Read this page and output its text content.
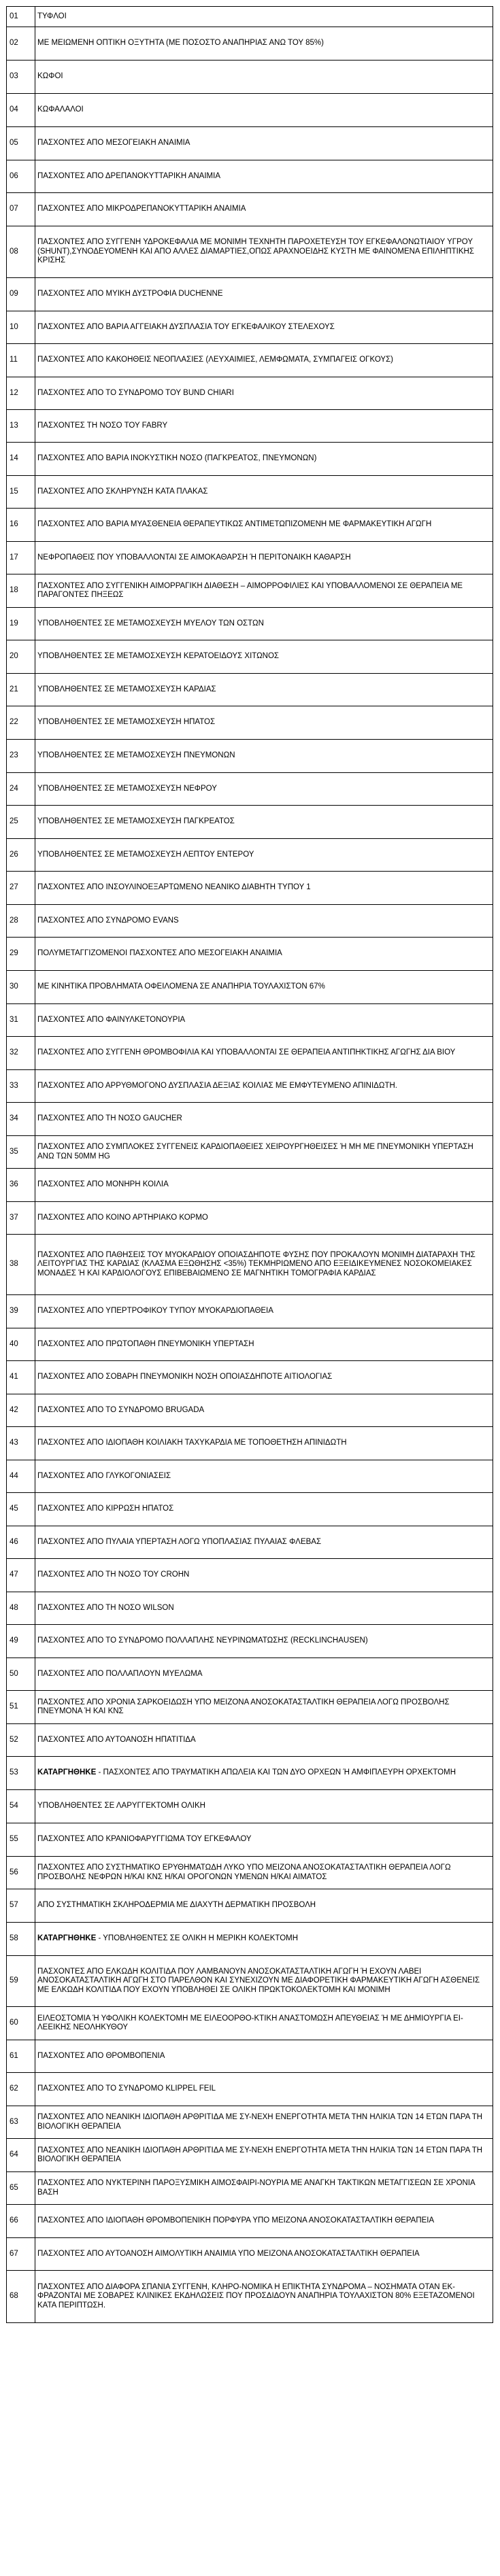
01	ΤΥΦΛΟΙ
02	ΜΕ ΜΕΙΩΜΕΝΗ ΟΠΤΙΚΗ ΟΞΥΤΗΤΑ (ΜΕ ΠΟΣΟΣΤΟ ΑΝΑΠΗΡΙΑΣ ΑΝΩ ΤΟΥ 85%)
03	ΚΩΦΟΙ
04	ΚΩΦΑΛΑΛΟΙ
05	ΠΑΣΧΟΝΤΕΣ ΑΠΟ ΜΕΣΟΓΕΙΑΚΗ ΑΝΑΙΜΙΑ
06	ΠΑΣΧΟΝΤΕΣ ΑΠΟ ΔΡΕΠΑΝΟΚΥΤΤΑΡΙΚΗ ΑΝΑΙΜΙΑ
07	ΠΑΣΧΟΝΤΕΣ ΑΠΟ ΜΙΚΡΟΔΡΕΠΑΝΟΚΥΤΤΑΡΙΚΗ ΑΝΑΙΜΙΑ
08	ΠΑΣΧΟΝΤΕΣ ΑΠΟ ΣΥΓΓΕΝΗ ΥΔΡΟΚΕΦΑΛΙΑ ΜΕ ΜΟΝΙΜΗ ΤΕΧΝΗΤΗ ΠΑΡΟΧΕΤΕΥΣΗ ΤΟΥ ΕΓΚΕΦΑΛΟΝΩΤΙΑΙΟΥ ΥΓΡΟΥ (SHUNT),ΣΥΝΟΔΕΥΟΜΕΝΗ ΚΑΙ ΑΠΟ ΑΛΛΕΣ ΔΙΑΜΑΡΤΙΕΣ,ΟΠΩΣ ΑΡΑΧΝΟΕΙΔΗΣ ΚΥΣΤΗ ΜΕ ΦΑΙΝΟΜΕΝΑ ΕΠΙΛΗΠΤΙΚΗΣ ΚΡΙΣΗΣ
09	ΠΑΣΧΟΝΤΕΣ ΑΠΟ ΜΥΙΚΗ ΔΥΣΤΡΟΦΙΑ DUCHENNE
10	ΠΑΣΧΟΝΤΕΣ ΑΠΟ ΒΑΡΙΑ ΑΓΓΕΙΑΚΗ ΔΥΣΠΛΑΣΙΑ ΤΟΥ ΕΓΚΕΦΑΛΙΚΟΥ ΣΤΕΛΕΧΟΥΣ
11	ΠΑΣΧΟΝΤΕΣ ΑΠΟ ΚΑΚΟΗΘΕΙΣ ΝΕΟΠΛΑΣΙΕΣ (ΛΕΥΧΑΙΜΙΕΣ, ΛΕΜΦΩΜΑΤΑ, ΣΥΜΠΑΓΕΙΣ ΟΓΚΟΥΣ)
12	ΠΑΣΧΟΝΤΕΣ ΑΠΟ ΤΟ ΣΥΝΔΡΟΜΟ ΤΟΥ BUND CHIARI
13	ΠΑΣΧΟΝΤΕΣ ΤΗ ΝΟΣΟ ΤΟΥ FABRY
14	ΠΑΣΧΟΝΤΕΣ ΑΠΟ ΒΑΡΙΑ ΙΝΟΚΥΣΤΙΚΗ ΝΟΣΟ (ΠΑΓΚΡΕΑΤΟΣ, ΠΝΕΥΜΟΝΩΝ)
15	ΠΑΣΧΟΝΤΕΣ ΑΠΟ ΣΚΛΗΡΥΝΣΗ ΚΑΤΑ ΠΛΑΚΑΣ
16	ΠΑΣΧΟΝΤΕΣ ΑΠΟ ΒΑΡΙΑ ΜΥΑΣΘΕΝΕΙΑ ΘΕΡΑΠΕΥΤΙΚΩΣ ΑΝΤΙΜΕΤΩΠΙΖΟΜΕΝΗ ΜΕ ΦΑΡΜΑΚΕΥΤΙΚΗ ΑΓΩΓΗ
17	ΝΕΦΡΟΠΑΘΕΙΣ ΠΟΥ ΥΠΟΒΑΛΛΟΝΤΑΙ ΣΕ ΑΙΜΟΚΑΘΑΡΣΗ Ή ΠΕΡΙΤΟΝΑΙΚΗ ΚΑΘΑΡΣΗ
18	ΠΑΣΧΟΝΤΕΣ ΑΠΟ ΣΥΓΓΕΝΙΚΗ ΑΙΜΟΡΡΑΓΙΚΗ ΔΙΑΘΕΣΗ – ΑΙΜΟΡΡΟΦΙΛΙΕΣ ΚΑΙ ΥΠΟΒΑΛΛΟΜΕΝΟΙ ΣΕ ΘΕΡΑΠΕΙΑ ΜΕ ΠΑΡΑΓΟΝΤΕΣ ΠΗΞΕΩΣ
19	ΥΠΟΒΛΗΘΕΝΤΕΣ ΣΕ ΜΕΤΑΜΟΣΧΕΥΣΗ ΜΥΕΛΟΥ ΤΩΝ ΟΣΤΩΝ
20	ΥΠΟΒΛΗΘΕΝΤΕΣ ΣΕ ΜΕΤΑΜΟΣΧΕΥΣΗ ΚΕΡΑΤΟΕΙΔΟΥΣ ΧΙΤΩΝΟΣ
21	ΥΠΟΒΛΗΘΕΝΤΕΣ ΣΕ ΜΕΤΑΜΟΣΧΕΥΣΗ ΚΑΡΔΙΑΣ
22	ΥΠΟΒΛΗΘΕΝΤΕΣ ΣΕ ΜΕΤΑΜΟΣΧΕΥΣΗ ΗΠΑΤΟΣ
23	ΥΠΟΒΛΗΘΕΝΤΕΣ ΣΕ ΜΕΤΑΜΟΣΧΕΥΣΗ ΠΝΕΥΜΟΝΩΝ
24	ΥΠΟΒΛΗΘΕΝΤΕΣ ΣΕ ΜΕΤΑΜΟΣΧΕΥΣΗ ΝΕΦΡΟΥ
25	ΥΠΟΒΛΗΘΕΝΤΕΣ ΣΕ ΜΕΤΑΜΟΣΧΕΥΣΗ ΠΑΓΚΡΕΑΤΟΣ
26	ΥΠΟΒΛΗΘΕΝΤΕΣ ΣΕ ΜΕΤΑΜΟΣΧΕΥΣΗ ΛΕΠΤΟΥ ΕΝΤΕΡΟΥ
27	ΠΑΣΧΟΝΤΕΣ ΑΠΟ ΙΝΣΟΥΛΙΝΟΕΞΑΡΤΩΜΕΝΟ ΝΕΑΝΙΚΟ ΔΙΑΒΗΤΗ ΤΥΠΟΥ 1
28	ΠΑΣΧΟΝΤΕΣ ΑΠΟ ΣΥΝΔΡΟΜΟ EVANS
29	ΠΟΛΥΜΕΤΑΓΓΙΖΟΜΕΝΟΙ ΠΑΣΧΟΝΤΕΣ ΑΠΟ ΜΕΣΟΓΕΙΑΚΗ ΑΝΑΙΜΙΑ
30	ΜΕ ΚΙΝΗΤΙΚΑ ΠΡΟΒΛΗΜΑΤΑ ΟΦΕΙΛΟΜΕΝΑ ΣΕ ΑΝΑΠΗΡΙΑ ΤΟΥΛΑΧΙΣΤΟΝ 67%
31	ΠΑΣΧΟΝΤΕΣ ΑΠΟ ΦΑΙΝΥΛΚΕΤΟΝΟΥΡΙΑ
32	ΠΑΣΧΟΝΤΕΣ ΑΠΟ ΣΥΓΓΕΝΗ ΘΡΟΜΒΟΦΙΛΙΑ ΚΑΙ ΥΠΟΒΑΛΛΟΝΤΑΙ ΣΕ ΘΕΡΑΠΕΙΑ ΑΝΤΙΠΗΚΤΙΚΗΣ ΑΓΩΓΗΣ ΔΙΑ ΒΙΟΥ
33	ΠΑΣΧΟΝΤΕΣ ΑΠΟ ΑΡΡΥΘΜΟΓΟΝΟ ΔΥΣΠΛΑΣΙΑ ΔΕΞΙΑΣ ΚΟΙΛΙΑΣ ΜΕ ΕΜΦΥΤΕΥΜΕΝΟ ΑΠΙΝΙΔΩΤΗ.
34	ΠΑΣΧΟΝΤΕΣ ΑΠΟ ΤΗ ΝΟΣΟ GAUCHER
35	ΠΑΣΧΟΝΤΕΣ ΑΠΟ ΣΥΜΠΛΟΚΕΣ ΣΥΓΓΕΝΕΙΣ ΚΑΡΔΙΟΠΑΘΕΙΕΣ ΧΕΙΡΟΥΡΓΗΘΕΙΣΕΣ Ή ΜΗ ΜΕ ΠΝΕΥΜΟΝΙΚΗ ΥΠΕΡΤΑΣΗ ΑΝΩ ΤΩΝ 50ΜΜ HG
36	ΠΑΣΧΟΝΤΕΣ ΑΠΟ ΜΟΝΗΡΗ ΚΟΙΛΙΑ
37	ΠΑΣΧΟΝΤΕΣ ΑΠΟ ΚΟΙΝΟ ΑΡΤΗΡΙΑΚΟ ΚΟΡΜΟ
38	ΠΑΣΧΟΝΤΕΣ ΑΠΟ ΠΑΘΗΣΕΙΣ ΤΟΥ ΜΥΟΚΑΡΔΙΟΥ ΟΠΟΙΑΣΔΗΠΟΤΕ ΦΥΣΗΣ ΠΟΥ ΠΡΟΚΑΛΟΥΝ ΜΟΝΙΜΗ ΔΙΑΤΑΡΑΧΗ ΤΗΣ ΛΕΙΤΟΥΡΓΙΑΣ ΤΗΣ ΚΑΡΔΙΑΣ (ΚΛΑΣΜΑ ΕΞΩΘΗΣΗΣ <35%) ΤΕΚΜΗΡΙΩΜΕΝΟ ΑΠΟ ΕΞΕΙΔΙΚΕΥΜΕΝΕΣ ΝΟΣΟΚΟΜΕΙΑΚΕΣ ΜΟΝΑΔΕΣ Ή ΚΑΙ ΚΑΡΔΙΟΛΟΓΟΥΣ ΕΠΙΒΕΒΑΙΩΜΕΝΟ ΣΕ ΜΑΓΝΗΤΙΚΗ ΤΟΜΟΓΡΑΦΙΑ ΚΑΡΔΙΑΣ
39	ΠΑΣΧΟΝΤΕΣ ΑΠΟ ΥΠΕΡΤΡΟΦΙΚΟΥ ΤΥΠΟΥ ΜΥΟΚΑΡΔΙΟΠΑΘΕΙΑ
40	ΠΑΣΧΟΝΤΕΣ ΑΠΟ ΠΡΩΤΟΠΑΘΗ ΠΝΕΥΜΟΝΙΚΗ ΥΠΕΡΤΑΣΗ
41	ΠΑΣΧΟΝΤΕΣ ΑΠΟ ΣΟΒΑΡΗ ΠΝΕΥΜΟΝΙΚΗ ΝΟΣΗ ΟΠΟΙΑΣΔΗΠΟΤΕ ΑΙΤΙΟΛΟΓΙΑΣ
42	ΠΑΣΧΟΝΤΕΣ ΑΠΟ ΤΟ ΣΥΝΔΡΟΜΟ BRUGADA
43	ΠΑΣΧΟΝΤΕΣ ΑΠΟ ΙΔΙΟΠΑΘΗ ΚΟΙΛΙΑΚΗ ΤΑΧΥΚΑΡΔΙΑ ΜΕ ΤΟΠΟΘΕΤΗΣΗ ΑΠΙΝΙΔΩΤΗ
44	ΠΑΣΧΟΝΤΕΣ ΑΠΟ ΓΛΥΚΟΓΟΝΙΑΣΕΙΣ
45	ΠΑΣΧΟΝΤΕΣ ΑΠΟ ΚΙΡΡΩΣΗ ΗΠΑΤΟΣ
46	ΠΑΣΧΟΝΤΕΣ ΑΠΟ ΠΥΛΑΙΑ ΥΠΕΡΤΑΣΗ ΛΟΓΩ ΥΠΟΠΛΑΣΙΑΣ ΠΥΛΑΙΑΣ ΦΛΕΒΑΣ
47	ΠΑΣΧΟΝΤΕΣ ΑΠΟ ΤΗ ΝΟΣΟ ΤΟΥ CROHN
48	ΠΑΣΧΟΝΤΕΣ ΑΠΟ ΤΗ ΝΟΣΟ WILSON
49	ΠΑΣΧΟΝΤΕΣ ΑΠΟ ΤΟ ΣΥΝΔΡΟΜΟ ΠΟΛΛΑΠΛΗΣ ΝΕΥΡΙΝΩΜΑΤΩΣΗΣ (RECKLINCHAUSEN)
50	ΠΑΣΧΟΝΤΕΣ ΑΠΟ ΠΟΛΛΑΠΛΟΥΝ ΜΥΕΛΩΜΑ
51	ΠΑΣΧΟΝΤΕΣ ΑΠΟ ΧΡΟΝΙΑ ΣΑΡΚΟΕΙΔΩΣΗ ΥΠΟ ΜΕΙΖΟΝΑ ΑΝΟΣΟΚΑΤΑΣΤΑΛΤΙΚΗ ΘΕΡΑΠΕΙΑ ΛΟΓΩ ΠΡΟΣΒΟΛΗΣ ΠΝΕΥΜΟΝΑ Ή ΚΑΙ ΚΝΣ
52	ΠΑΣΧΟΝΤΕΣ ΑΠΟ ΑΥΤΟΑΝΟΣΗ ΗΠΑΤΙΤΙΔΑ
53	ΚΑΤΑΡΓΗΘΗΚΕ - ΠΑΣΧΟΝΤΕΣ ΑΠΟ ΤΡΑΥΜΑΤΙΚΗ ΑΠΩΛΕΙΑ ΚΑΙ ΤΩΝ ΔΥΟ ΟΡΧΕΩΝ Ή ΑΜΦΙΠΛΕΥΡΗ ΟΡΧΕΚΤΟΜΗ
54	ΥΠΟΒΛΗΘΕΝΤΕΣ ΣΕ ΛΑΡΥΓΓΕΚΤΟΜΗ ΟΛΙΚΗ
55	ΠΑΣΧΟΝΤΕΣ ΑΠΟ ΚΡΑΝΙΟΦΑΡΥΓΓΙΩΜΑ ΤΟΥ ΕΓΚΕΦΑΛΟΥ
56	ΠΑΣΧΟΝΤΕΣ ΑΠΟ ΣΥΣΤΗΜΑΤΙΚΟ ΕΡΥΘΗΜΑΤΩΔΗ ΛΥΚΟ ΥΠΟ ΜΕΙΖΟΝΑ ΑΝΟΣΟΚΑΤΑΣΤΑΛΤΙΚΗ ΘΕΡΑΠΕΙΑ ΛΟΓΩ ΠΡΟΣΒΟΛΗΣ ΝΕΦΡΩΝ Η/ΚΑΙ ΚΝΣ Η/ΚΑΙ ΟΡΟΓΟΝΩΝ ΥΜΕΝΩΝ Η/ΚΑΙ ΑΙΜΑΤΟΣ
57	ΑΠΟ ΣΥΣΤΗΜΑΤΙΚΗ ΣΚΛΗΡΟΔΕΡΜΙΑ ΜΕ ΔΙΑΧΥΤΗ ΔΕΡΜΑΤΙΚΗ ΠΡΟΣΒΟΛΗ
58	ΚΑΤΑΡΓΗΘΗΚΕ - ΥΠΟΒΛΗΘΕΝΤΕΣ ΣΕ ΟΛΙΚΗ Η ΜΕΡΙΚΗ ΚΟΛΕΚΤΟΜΗ
59	ΠΑΣΧΟΝΤΕΣ ΑΠΟ ΕΛΚΩΔΗ ΚΟΛΙΤΙΔΑ ΠΟΥ ΛΑΜΒΑΝΟΥΝ ΑΝΟΣΟΚΑΤΑΣΤΑΛΤΙΚΗ ΑΓΩΓΗ Ή ΕΧΟΥΝ ΛΑΒΕΙ ΑΝΟΣΟΚΑΤΑΣΤΑΛΤΙΚΗ ΑΓΩΓΗ ΣΤΟ ΠΑΡΕΛΘΟΝ ΚΑΙ ΣΥΝΕΧΙΖΟΥΝ ΜΕ ΔΙΑΦΟΡΕΤΙΚΗ ΦΑΡΜΑΚΕΥΤΙΚΗ ΑΓΩΓΗ ΑΣΘΕΝΕΙΣ ΜΕ ΕΛΚΩΔΗ ΚΟΛΙΤΙΔΑ ΠΟΥ ΕΧΟΥΝ ΥΠΟΒΛΗΘΕΙ ΣΕ ΟΛΙΚΗ ΠΡΩΚΤΟΚΟΛΕΚΤΟΜΗ ΚΑΙ ΜΟΝΙΜΗ
60	ΕΙΛΕΟΣΤΟΜΙΑ Ή ΥΦΟΛΙΚΗ ΚΟΛΕΚΤΟΜΗ ΜΕ ΕΙΛΕΟΟΡΘΟ-ΚΤΙΚΗ ΑΝΑΣΤΟΜΩΣΗ ΑΠΕΥΘΕΙΑΣ Ή ΜΕ ΔΗΜΙΟΥΡΓΙΑ ΕΙ-ΛΕΕΙΚΗΣ ΝΕΟΛΗΚΥΘΟΥ
61	ΠΑΣΧΟΝΤΕΣ ΑΠΟ ΘΡΟΜΒΟΠΕΝΙΑ
62	ΠΑΣΧΟΝΤΕΣ ΑΠΟ ΤΟ ΣΥΝΔΡΟΜΟ KLIPPEL FEIL
63	ΠΑΣΧΟΝΤΕΣ ΑΠΟ ΝΕΑΝΙΚΗ ΙΔΙΟΠΑΘΗ ΑΡΘΡΙΤΙΔΑ ΜΕ ΣΥ-ΝΕΧΗ ΕΝΕΡΓΟΤΗΤΑ ΜΕΤΑ ΤΗΝ ΗΛΙΚΙΑ ΤΩΝ 14 ΕΤΩΝ ΠΑΡΑ ΤΗ ΒΙΟΛΟΓΙΚΗ ΘΕΡΑΠΕΙΑ
64	ΠΑΣΧΟΝΤΕΣ ΑΠΟ ΝΕΑΝΙΚΗ ΙΔΙΟΠΑΘΗ ΑΡΘΡΙΤΙΔΑ ΜΕ ΣΥ-ΝΕΧΗ ΕΝΕΡΓΟΤΗΤΑ ΜΕΤΑ ΤΗΝ ΗΛΙΚΙΑ ΤΩΝ 14 ΕΤΩΝ ΠΑΡΑ ΤΗ ΒΙΟΛΟΓΙΚΗ ΘΕΡΑΠΕΙΑ
65	ΠΑΣΧΟΝΤΕΣ ΑΠΟ ΝΥΚΤΕΡΙΝΗ ΠΑΡΟΞΥΣΜΙΚΗ ΑΙΜΟΣΦΑΙΡΙ-ΝΟΥΡΙΑ ΜΕ ΑΝΑΓΚΗ ΤΑΚΤΙΚΩΝ ΜΕΤΑΓΓΙΣΕΩΝ ΣΕ ΧΡΟΝΙΑ ΒΑΣΗ
66	ΠΑΣΧΟΝΤΕΣ ΑΠΟ ΙΔΙΟΠΑΘΗ ΘΡΟΜΒΟΠΕΝΙΚΗ ΠΟΡΦΥΡΑ ΥΠΟ ΜΕΙΖΟΝΑ ΑΝΟΣΟΚΑΤΑΣΤΑΛΤΙΚΗ ΘΕΡΑΠΕΙΑ
67	ΠΑΣΧΟΝΤΕΣ ΑΠΟ ΑΥΤΟΑΝΟΣΗ ΑΙΜΟΛΥΤΙΚΗ ΑΝΑΙΜΙΑ ΥΠΟ ΜΕΙΖΟΝΑ ΑΝΟΣΟΚΑΤΑΣΤΑΛΤΙΚΗ ΘΕΡΑΠΕΙΑ
68	ΠΑΣΧΟΝΤΕΣ ΑΠΟ ΔΙΑΦΟΡΑ ΣΠΑΝΙΑ ΣΥΓΓΕΝΗ, ΚΛΗΡΟ-ΝΟΜΙΚΑ Η ΕΠΙΚΤΗΤΑ ΣΥΝΔΡΟΜΑ – ΝΟΣΗΜΑΤΑ ΟΤΑΝ ΕΚ-ΦΡΑΖΟΝΤΑΙ ΜΕ ΣΟΒΑΡΕΣ ΚΛΙΝΙΚΕΣ ΕΚΔΗΛΩΣΕΙΣ ΠΟΥ ΠΡΟΣΔΙΔΟΥΝ ΑΝΑΠΗΡΙΑ ΤΟΥΛΑΧΙΣΤΟΝ 80% ΕΞΕΤΑΖΟΜΕΝΟΙ ΚΑΤΑ ΠΕΡΙΠΤΩΣΗ.
